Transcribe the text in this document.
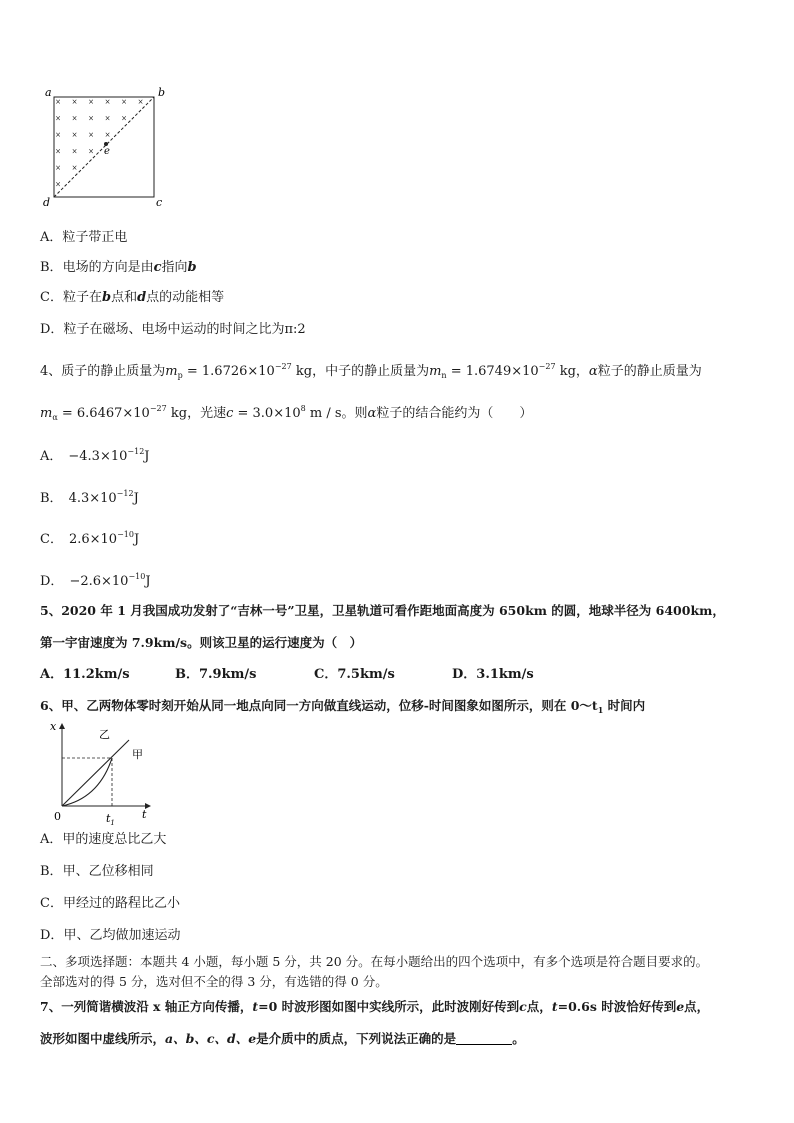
× × × × × ×
× × × × ×
× × × ×
× × ×
× ×
×
a	b
c
d
e
A．粒子带正电
B．电场的方向是由c指向b
C．粒子在b点和d点的动能相等
D．粒子在磁场、电场中运动的时间之比为π:2
4、质子的静止质量为$m_p = 1.6726\times 10^{-27}$ kg，中子的静止质量为$m_n = 1.6749\times 10^{-27}$ kg，α粒子的静止质量为
$m_\alpha = 6.6467\times 10^{-27}$ kg，光速$c = 3.0\times 10^8$ m / s。则α粒子的结合能约为（　　）
A． $-4.3\times 10^{-12}J$
B． $4.3\times 10^{-12}J$
C． $2.6\times 10^{-10}J$
D． $-2.6\times 10^{-10}J$
5、2020 年 1 月我国成功发射了“吉林一号”卫星，卫星轨道可看作距地面高度为 650km 的圆，地球半径为 6400km，
第一宇宙速度为 7.9km/s。则该卫星的运行速度为（　）
A．11.2km/s	B．7.9km/s	C．7.5km/s	D．3.1km/s
6、甲、乙两物体零时刻开始从同一地点向同一方向做直线运动，位移-时间图象如图所示，则在 $0\sim t_1$ 时间内
x
t
0	$t_1$
乙
甲
A．甲的速度总比乙大
B．甲、乙位移相同
C．甲经过的路程比乙小
D．甲、乙均做加速运动
二、多项选择题：本题共 4 小题，每小题 5 分，共 20 分。在每小题给出的四个选项中，有多个选项是符合题目要求的。
全部选对的得 5 分，选对但不全的得 3 分，有选错的得 0 分。
7、一列简谐横波沿 x 轴正方向传播，t=0 时波形图如图中实线所示，此时波刚好传到c点，t=0.6s 时波恰好传到e点，
波形如图中虚线所示，a、b、c、d、e是介质中的质点，下列说法正确的是	。
